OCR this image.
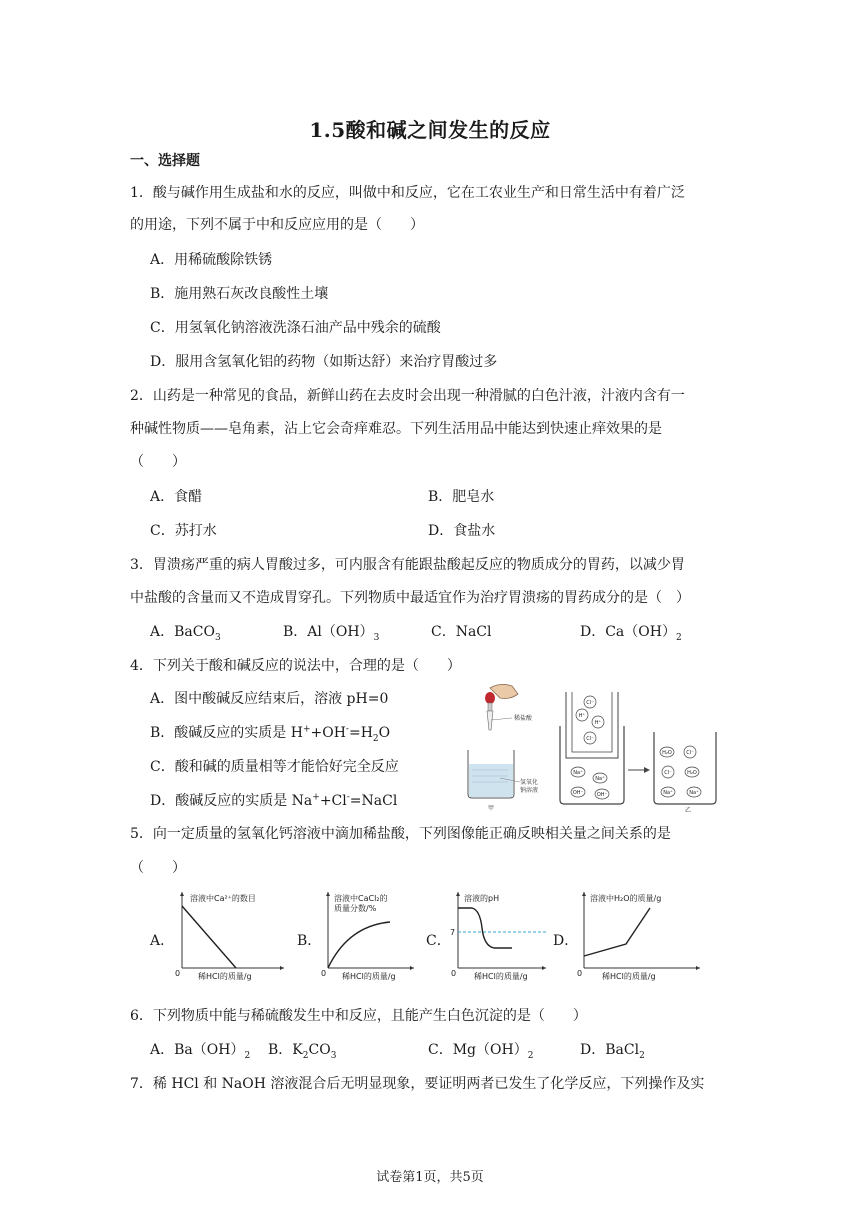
1.5酸和碱之间发生的反应
一、选择题
1．酸与碱作用生成盐和水的反应，叫做中和反应，它在工农业生产和日常生活中有着广泛
的用途，下列不属于中和反应应用的是（　　）
A．用稀硫酸除铁锈
B．施用熟石灰改良酸性土壤
C．用氢氧化钠溶液洗涤石油产品中残余的硫酸
D．服用含氢氧化铝的药物（如斯达舒）来治疗胃酸过多
2．山药是一种常见的食品，新鲜山药在去皮时会出现一种滑腻的白色汁液，汁液内含有一
种碱性物质——皂角素，沾上它会奇痒难忍。下列生活用品中能达到快速止痒效果的是
（　　）
A．食醋	B．肥皂水
C．苏打水	D．食盐水
3．胃溃疡严重的病人胃酸过多，可内服含有能跟盐酸起反应的物质成分的胃药，以减少胃
中盐酸的含量而又不造成胃穿孔。下列物质中最适宜作为治疗胃溃疡的胃药成分的是（　）
A．BaCO$_3$	B．$Al(OH)_3$	C．NaCl	D．$Ca(OH)_2$
4．下列关于酸和碱反应的说法中，合理的是（　　）
A．图中酸碱反应结束后，溶液 pH=0
B．酸碱反应的实质是 $H^++OH^-=H_2O$
C．酸和碱的质量相等才能恰好完全反应
D．酸碱反应的实质是 Na++Cl-=NaCl
稀盐酸
氢氧化
钠溶液
甲
Cl⁻
H⁺
H⁺
Cl⁻
Na⁺
Na⁺
OH⁻	OH⁻
H₂O	Cl⁻
Cl⁻	H₂O
Na⁺	Na⁺
乙
5．向一定质量的氢氧化钙溶液中滴加稀盐酸，下列图像能正确反映相关量之间关系的是
（　　）
A．
溶液中Ca²⁺的数目
0 稀HCl的质量/g
B．
溶液中CaCl₂的
质量分数/%
0 稀HCl的质量/g
C．
溶液的pH
7
0 稀HCl的质量/g
D．
溶液中H₂O的质量/g
0 稀HCl的质量/g
6．下列物质中能与稀硫酸发生中和反应，且能产生白色沉淀的是（　　）
A．$Ba(OH)_2$ B．$K_2CO_3$	C．$Mg(OH)_2$	D．BaCl$_2$
7．稀 HCl 和 NaOH 溶液混合后无明显现象，要证明两者已发生了化学反应，下列操作及实
试卷第1页，共5页
